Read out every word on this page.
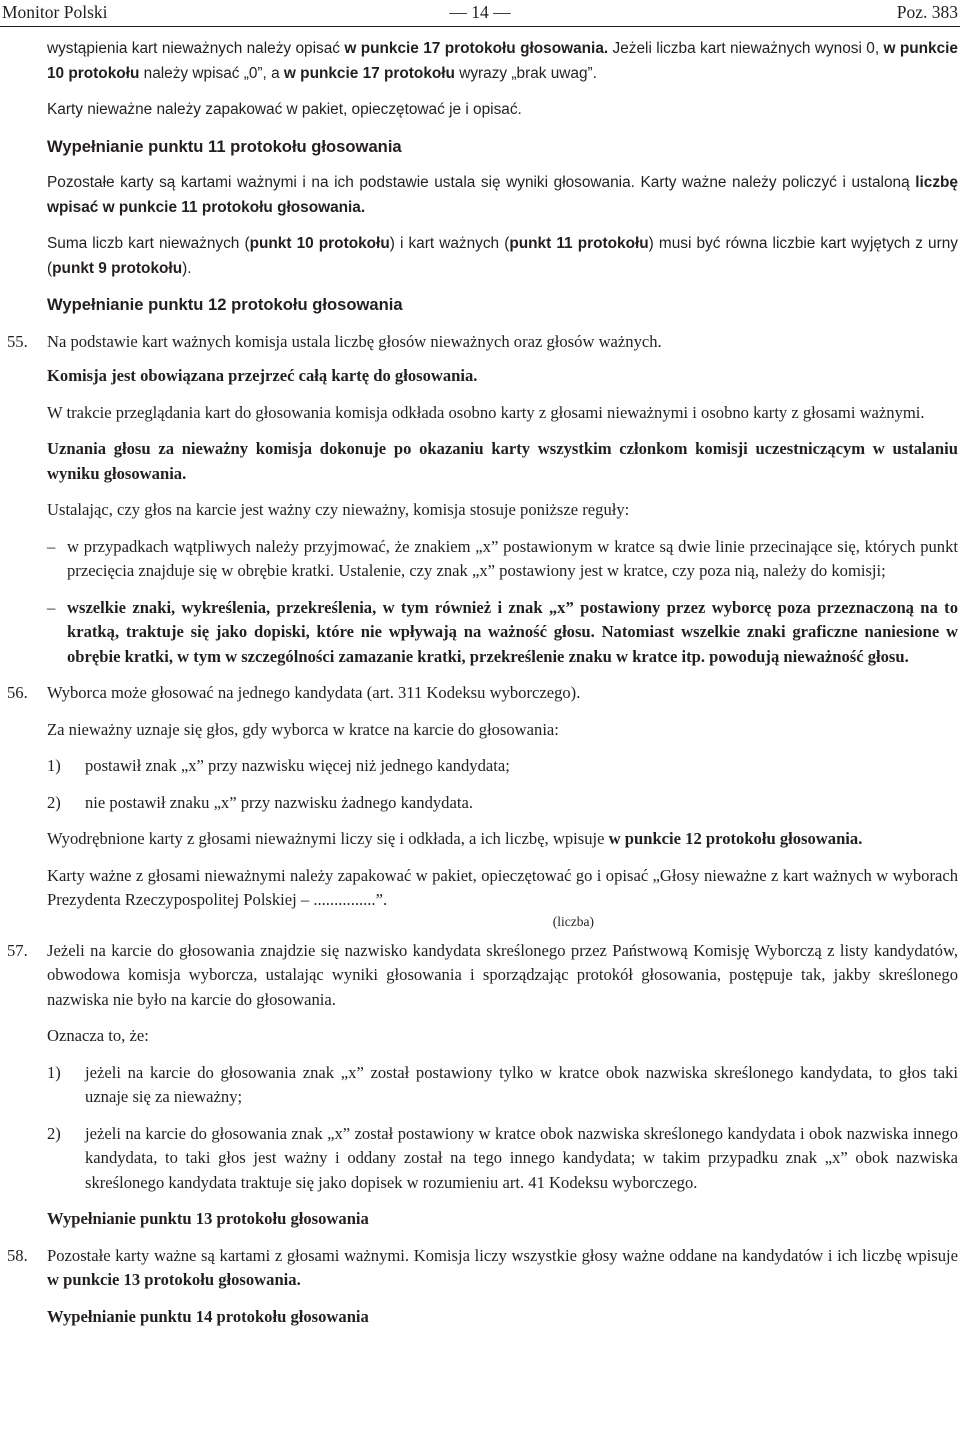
Monitor Polski	— 14 —	Poz. 383

wystąpienia kart nieważnych należy opisać w punkcie 17 protokołu głosowania. Jeżeli liczba kart nieważnych wynosi 0, w punkcie 10 protokołu należy wpisać „0”, a w punkcie 17 protokołu wyrazy „brak uwag”.

Karty nieważne należy zapakować w pakiet, opieczętować je i opisać.

Wypełnianie punktu 11 protokołu głosowania

Pozostałe karty są kartami ważnymi i na ich podstawie ustala się wyniki głosowania. Karty ważne należy policzyć i ustaloną liczbę wpisać w punkcie 11 protokołu głosowania.

Suma liczb kart nieważnych (punkt 10 protokołu) i kart ważnych (punkt 11 protokołu) musi być równa liczbie kart wyjętych z urny (punkt 9 protokołu).

Wypełnianie punktu 12 protokołu głosowania

55. Na podstawie kart ważnych komisja ustala liczbę głosów nieważnych oraz głosów ważnych.

Komisja jest obowiązana przejrzeć całą kartę do głosowania.

W trakcie przeglądania kart do głosowania komisja odkłada osobno karty z głosami nieważnymi i osobno karty z głosami ważnymi.

Uznania głosu za nieważny komisja dokonuje po okazaniu karty wszystkim członkom komisji uczestniczącym w ustalaniu wyniku głosowania.

Ustalając, czy głos na karcie jest ważny czy nieważny, komisja stosuje poniższe reguły:

– w przypadkach wątpliwych należy przyjmować, że znakiem „x” postawionym w kratce są dwie linie przecinające się, których punkt przecięcia znajduje się w obrębie kratki. Ustalenie, czy znak „x” postawiony jest w kratce, czy poza nią, należy do komisji;

– wszelkie znaki, wykreślenia, przekreślenia, w tym również i znak „x” postawiony przez wyborcę poza przeznaczoną na to kratką, traktuje się jako dopiski, które nie wpływają na ważność głosu. Natomiast wszelkie znaki graficzne naniesione w obrębie kratki, w tym w szczególności zamazanie kratki, przekreślenie znaku w kratce itp. powodują nieważność głosu.

56. Wyborca może głosować na jednego kandydata (art. 311 Kodeksu wyborczego).

Za nieważny uznaje się głos, gdy wyborca w kratce na karcie do głosowania:

1) postawił znak „x” przy nazwisku więcej niż jednego kandydata;

2) nie postawił znaku „x” przy nazwisku żadnego kandydata.

Wyodrębnione karty z głosami nieważnymi liczy się i odkłada, a ich liczbę, wpisuje w punkcie 12 protokołu głosowania.

Karty ważne z głosami nieważnymi należy zapakować w pakiet, opieczętować go i opisać „Głosy nieważne z kart ważnych w wyborach Prezydenta Rzeczypospolitej Polskiej – ...............”.
(liczba)

57. Jeżeli na karcie do głosowania znajdzie się nazwisko kandydata skreślonego przez Państwową Komisję Wyborczą z listy kandydatów, obwodowa komisja wyborcza, ustalając wyniki głosowania i sporządzając protokół głosowania, postępuje tak, jakby skreślonego nazwiska nie było na karcie do głosowania.

Oznacza to, że:

1) jeżeli na karcie do głosowania znak „x” został postawiony tylko w kratce obok nazwiska skreślonego kandydata, to głos taki uznaje się za nieważny;

2) jeżeli na karcie do głosowania znak „x” został postawiony w kratce obok nazwiska skreślonego kandydata i obok nazwiska innego kandydata, to taki głos jest ważny i oddany został na tego innego kandydata; w takim przypadku znak „x” obok nazwiska skreślonego kandydata traktuje się jako dopisek w rozumieniu art. 41 Kodeksu wyborczego.

Wypełnianie punktu 13 protokołu głosowania

58. Pozostałe karty ważne są kartami z głosami ważnymi. Komisja liczy wszystkie głosy ważne oddane na kandydatów i ich liczbę wpisuje w punkcie 13 protokołu głosowania.

Wypełnianie punktu 14 protokołu głosowania
